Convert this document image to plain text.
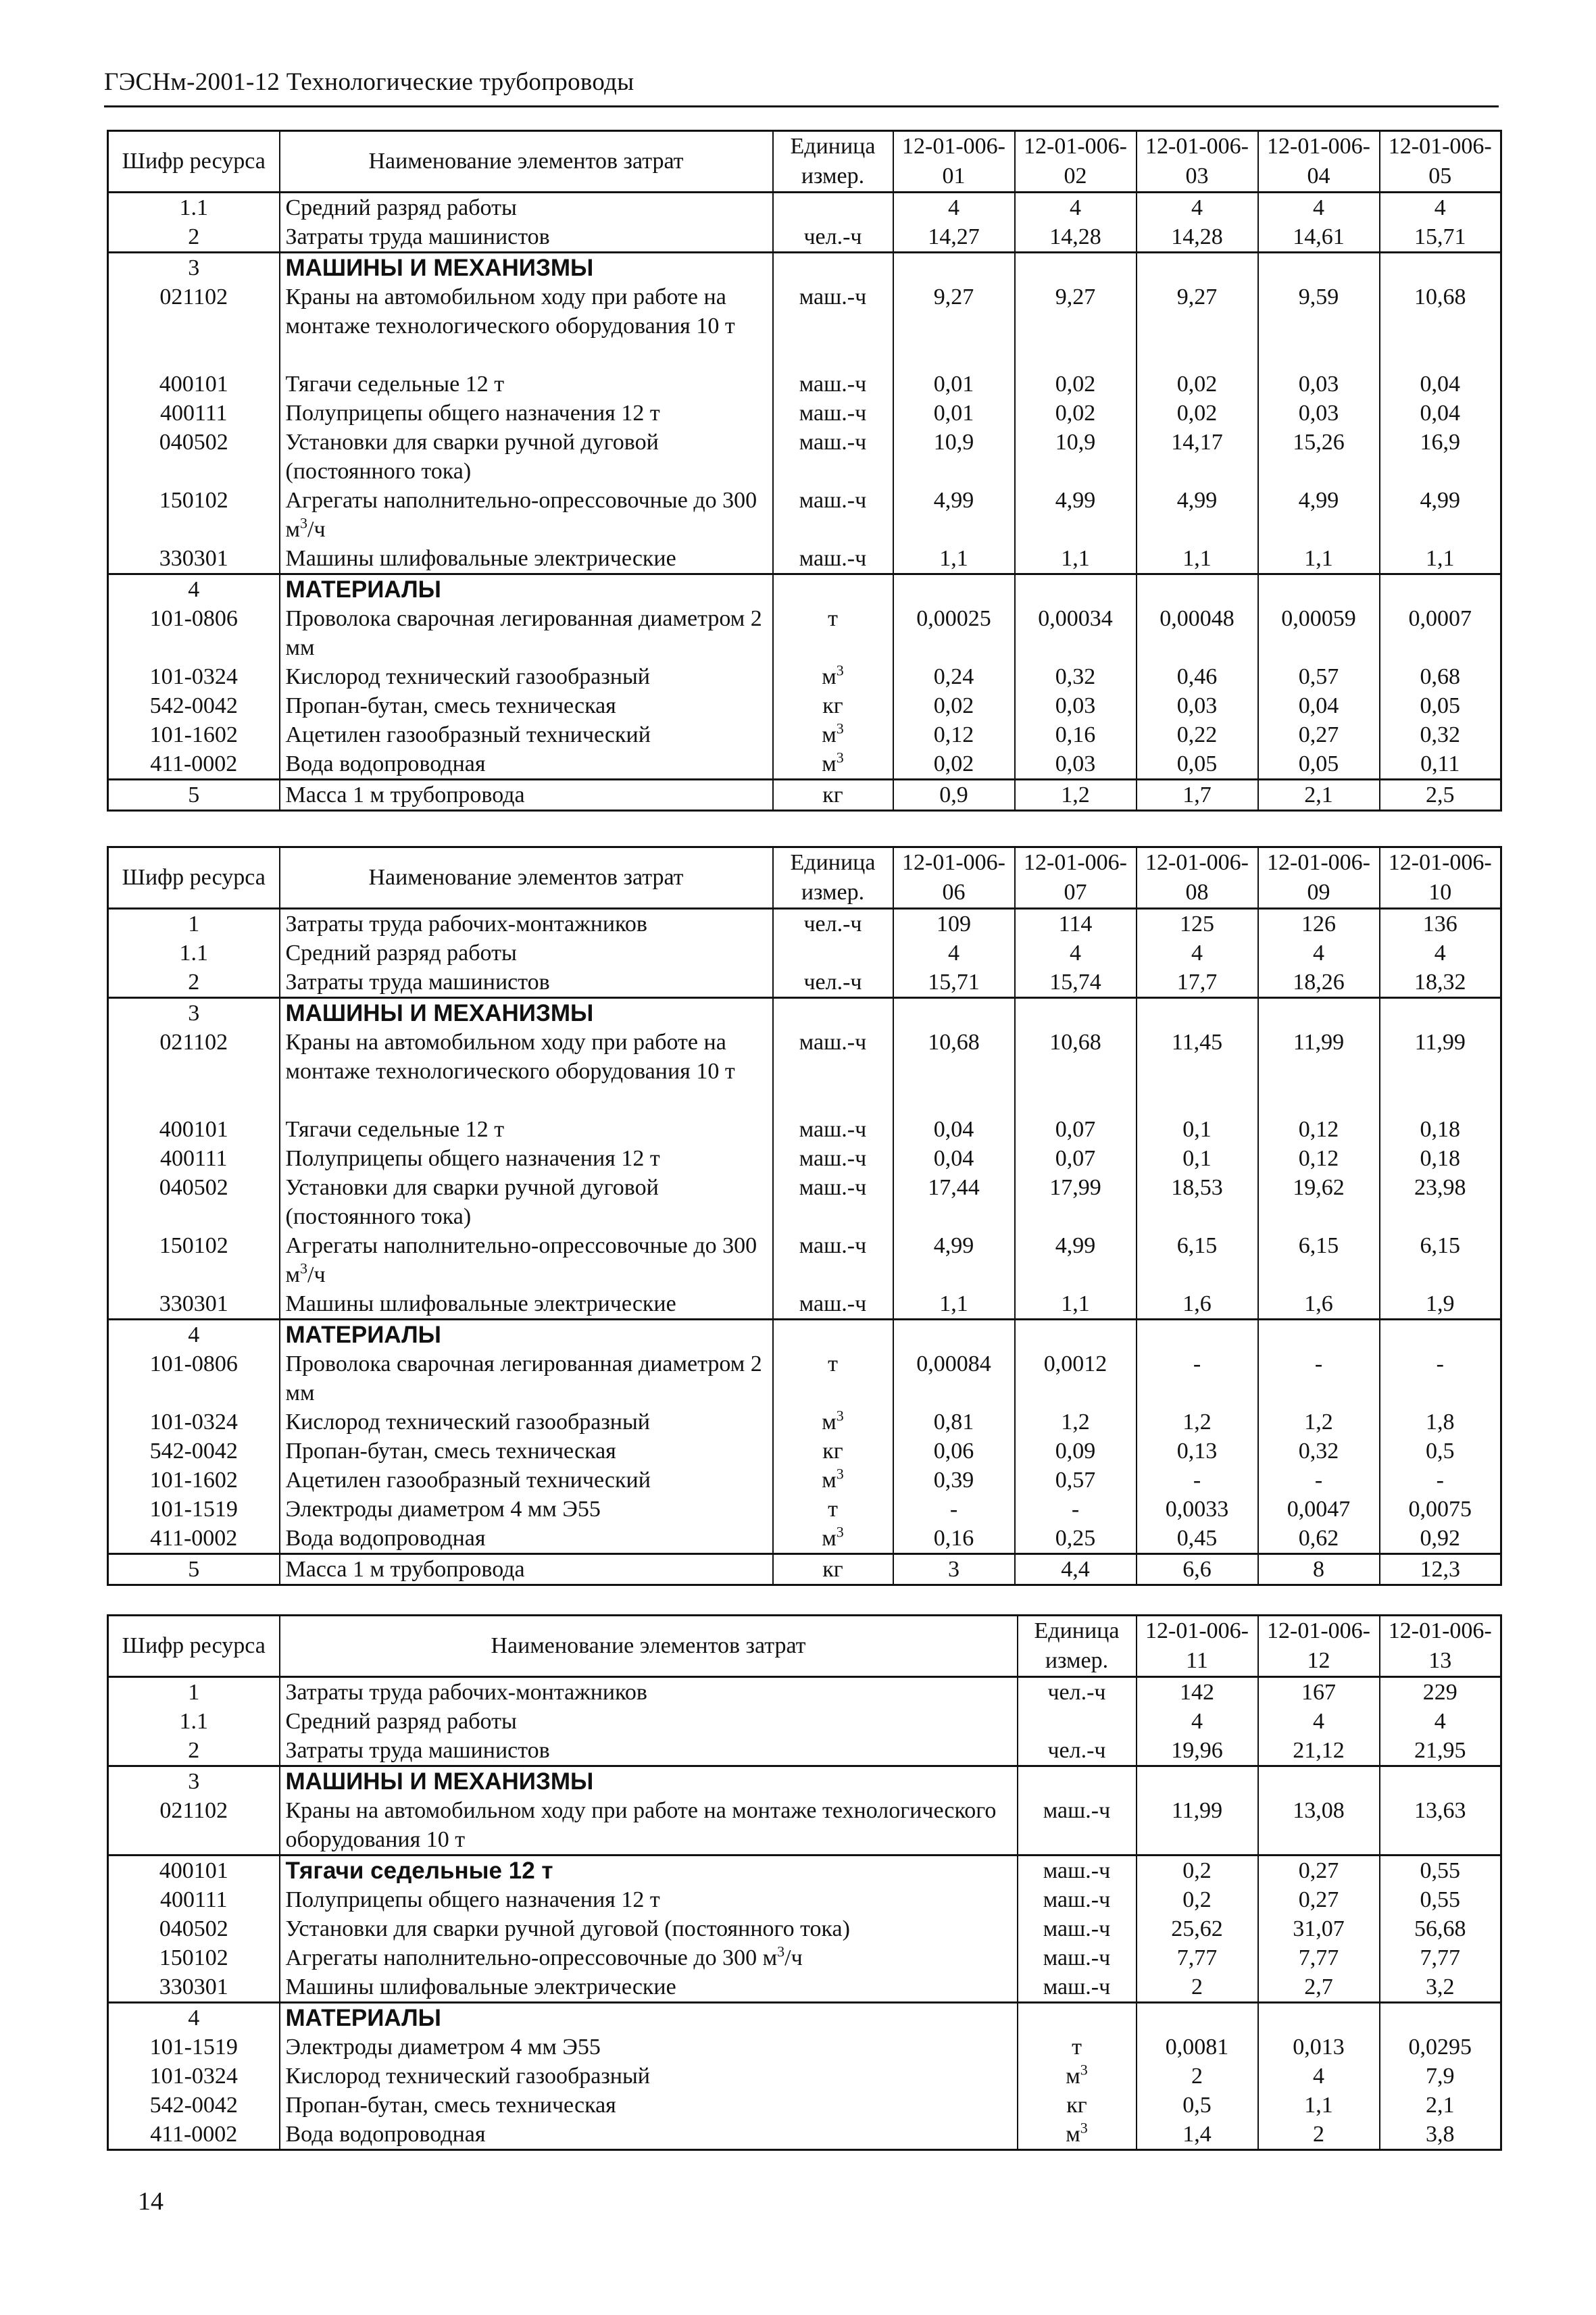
ГЭСНм-2001-12 Технологические трубопроводы
Шифр ресурса	Наименование элементов затрат	Единица измер.	12-01-006-01	12-01-006-02	12-01-006-03	12-01-006-04	12-01-006-05
1.1	Средний разряд работы		4	4	4	4	4
2	Затраты труда машинистов	чел.-ч	14,27	14,28	14,28	14,61	15,71
3	МАШИНЫ И МЕХАНИЗМЫ						
021102	Краны на автомобильном ходу при работе на монтаже технологического оборудования 10 т	маш.-ч	9,27	9,27	9,27	9,59	10,68
400101	Тягачи седельные 12 т	маш.-ч	0,01	0,02	0,02	0,03	0,04
400111	Полуприцепы общего назначения 12 т	маш.-ч	0,01	0,02	0,02	0,03	0,04
040502	Установки для сварки ручной дуговой (постоянного тока)	маш.-ч	10,9	10,9	14,17	15,26	16,9
150102	Агрегаты наполнительно-опрессовочные до 300 $м^3/ч$	маш.-ч	4,99	4,99	4,99	4,99	4,99
330301	Машины шлифовальные электрические	маш.-ч	1,1	1,1	1,1	1,1	1,1
4	МАТЕРИАЛЫ						
101-0806	Проволока сварочная легированная диаметром 2 мм	т	0,00025	0,00034	0,00048	0,00059	0,0007
101-0324	Кислород технический газообразный	$м^3$	0,24	0,32	0,46	0,57	0,68
542-0042	Пропан-бутан, смесь техническая	кг	0,02	0,03	0,03	0,04	0,05
101-1602	Ацетилен газообразный технический	$м^3$	0,12	0,16	0,22	0,27	0,32
411-0002	Вода водопроводная	$м^3$	0,02	0,03	0,05	0,05	0,11
5	Масса 1 м трубопровода	кг	0,9	1,2	1,7	2,1	2,5
Шифр ресурса	Наименование элементов затрат	Единица измер.	12-01-006-06	12-01-006-07	12-01-006-08	12-01-006-09	12-01-006-10
1	Затраты труда рабочих-монтажников	чел.-ч	109	114	125	126	136
1.1	Средний разряд работы		4	4	4	4	4
2	Затраты труда машинистов	чел.-ч	15,71	15,74	17,7	18,26	18,32
3	МАШИНЫ И МЕХАНИЗМЫ						
021102	Краны на автомобильном ходу при работе на монтаже технологического оборудования 10 т	маш.-ч	10,68	10,68	11,45	11,99	11,99
400101	Тягачи седельные 12 т	маш.-ч	0,04	0,07	0,1	0,12	0,18
400111	Полуприцепы общего назначения 12 т	маш.-ч	0,04	0,07	0,1	0,12	0,18
040502	Установки для сварки ручной дуговой (постоянного тока)	маш.-ч	17,44	17,99	18,53	19,62	23,98
150102	Агрегаты наполнительно-опрессовочные до 300 $м^3/ч$	маш.-ч	4,99	4,99	6,15	6,15	6,15
330301	Машины шлифовальные электрические	маш.-ч	1,1	1,1	1,6	1,6	1,9
4	МАТЕРИАЛЫ						
101-0806	Проволока сварочная легированная диаметром 2 мм	т	0,00084	0,0012	-	-	-
101-0324	Кислород технический газообразный	$м^3$	0,81	1,2	1,2	1,2	1,8
542-0042	Пропан-бутан, смесь техническая	кг	0,06	0,09	0,13	0,32	0,5
101-1602	Ацетилен газообразный технический	$м^3$	0,39	0,57	-	-	-
101-1519	Электроды диаметром 4 мм Э55	т	-	-	0,0033	0,0047	0,0075
411-0002	Вода водопроводная	$м^3$	0,16	0,25	0,45	0,62	0,92
5	Масса 1 м трубопровода	кг	3	4,4	6,6	8	12,3
Шифр ресурса	Наименование элементов затрат	Единица измер.	12-01-006-11	12-01-006-12	12-01-006-13
1	Затраты труда рабочих-монтажников	чел.-ч	142	167	229
1.1	Средний разряд работы		4	4	4
2	Затраты труда машинистов	чел.-ч	19,96	21,12	21,95
3	МАШИНЫ И МЕХАНИЗМЫ				
021102	Краны на автомобильном ходу при работе на монтаже технологического оборудования 10 т	маш.-ч	11,99	13,08	13,63
400101	Тягачи седельные 12 т	маш.-ч	0,2	0,27	0,55
400111	Полуприцепы общего назначения 12 т	маш.-ч	0,2	0,27	0,55
040502	Установки для сварки ручной дуговой (постоянного тока)	маш.-ч	25,62	31,07	56,68
150102	Агрегаты наполнительно-опрессовочные до 300 $м^3/ч$	маш.-ч	7,77	7,77	7,77
330301	Машины шлифовальные электрические	маш.-ч	2	2,7	3,2
4	МАТЕРИАЛЫ				
101-1519	Электроды диаметром 4 мм Э55	т	0,0081	0,013	0,0295
101-0324	Кислород технический газообразный	$м^3$	2	4	7,9
542-0042	Пропан-бутан, смесь техническая	кг	0,5	1,1	2,1
411-0002	Вода водопроводная	$м^3$	1,4	2	3,8
14
